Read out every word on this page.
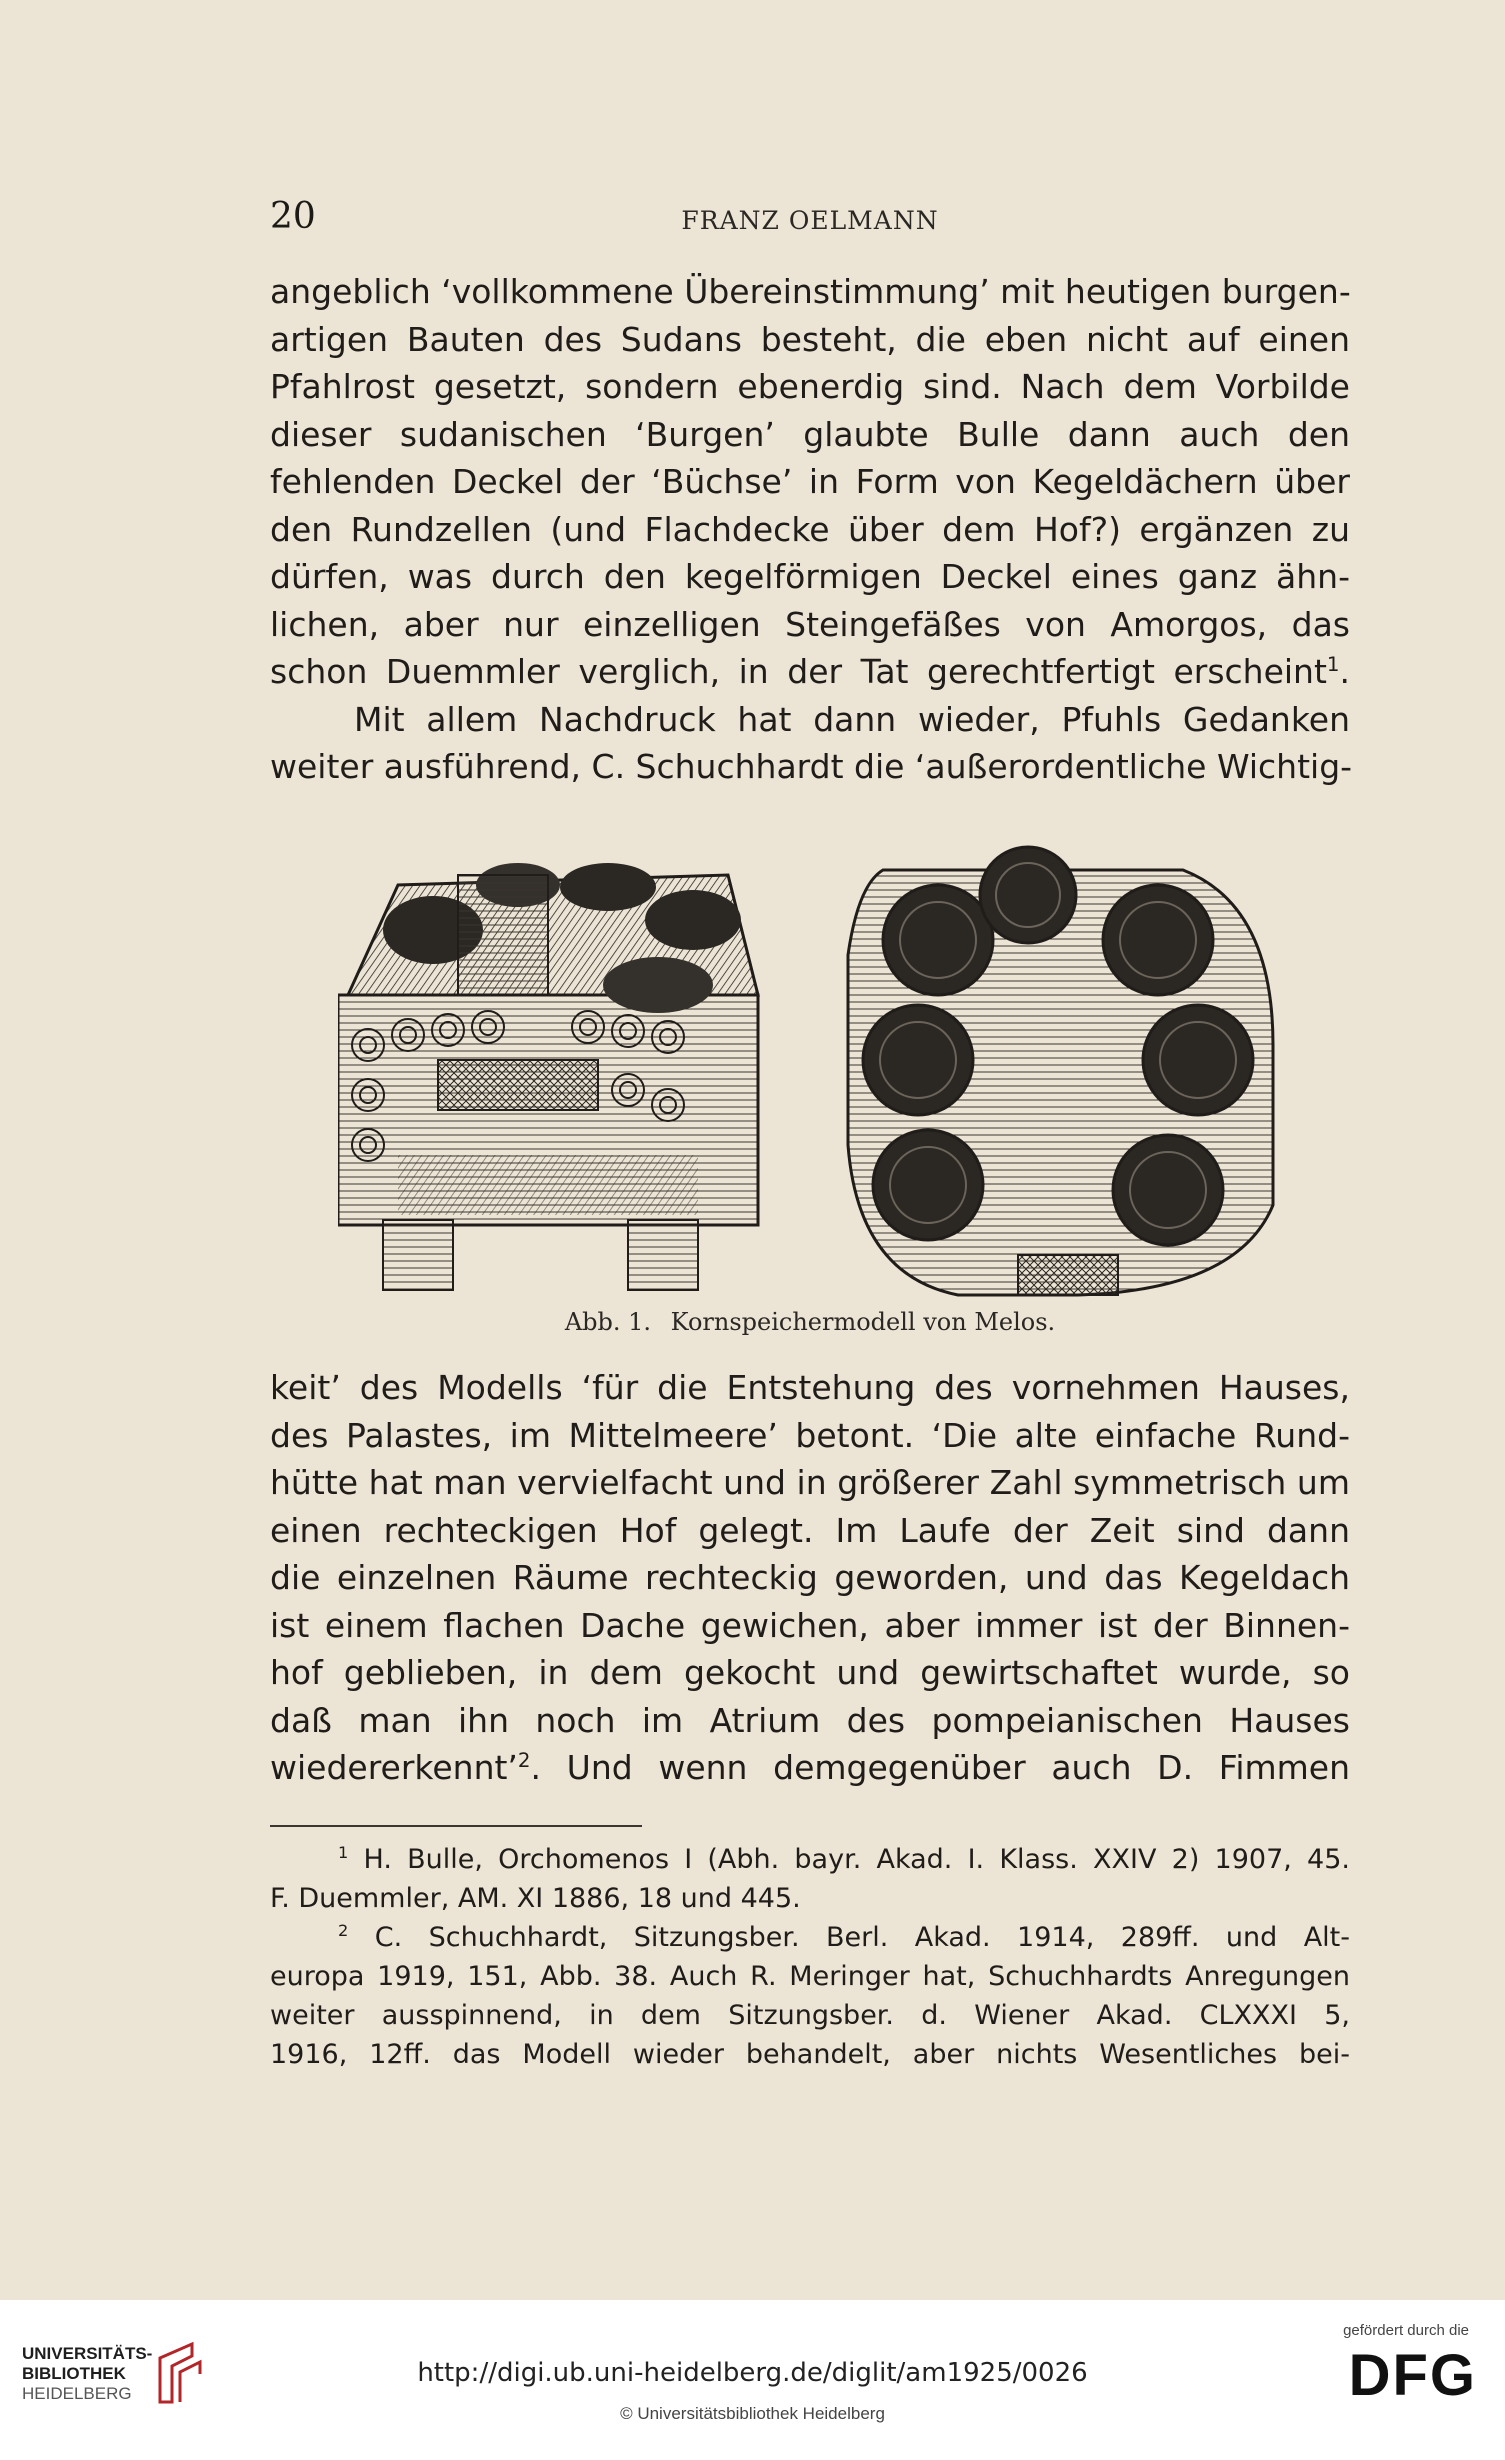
20	FRANZ OELMANN
angeblich ‘vollkommene Übereinstimmung’ mit heutigen burgen-
artigen Bauten des Sudans besteht, die eben nicht auf einen
Pfahlrost gesetzt, sondern ebenerdig sind. Nach dem Vorbilde
dieser sudanischen ‘Burgen’ glaubte Bulle dann auch den
fehlenden Deckel der ‘Büchse’ in Form von Kegeldächern über
den Rundzellen (und Flachdecke über dem Hof?) ergänzen zu
dürfen, was durch den kegelförmigen Deckel eines ganz ähn-
lichen, aber nur einzelligen Steingefäßes von Amorgos, das
schon Duemmler verglich, in der Tat gerechtfertigt erscheint$^1$.
Mit allem Nachdruck hat dann wieder, Pfuhls Gedanken
weiter ausführend, C. Schuchhardt die ‘außerordentliche Wichtig-
Abb. 1. Kornspeichermodell von Melos.
keit’ des Modells ‘für die Entstehung des vornehmen Hauses,
des Palastes, im Mittelmeere’ betont. ‘Die alte einfache Rund-
hütte hat man vervielfacht und in größerer Zahl symmetrisch um
einen rechteckigen Hof gelegt. Im Laufe der Zeit sind dann
die einzelnen Räume rechteckig geworden, und das Kegeldach
ist einem flachen Dache gewichen, aber immer ist der Binnen-
hof geblieben, in dem gekocht und gewirtschaftet wurde, so
daß man ihn noch im Atrium des pompeianischen Hauses
wiedererkennt’$^2$. Und wenn demgegenüber auch D. Fimmen
$^1$ H. Bulle, Orchomenos I (Abh. bayr. Akad. I. Klass. XXIV 2) 1907, 45.
F. Duemmler, AM. XI 1886, 18 und 445.
$^2$ C. Schuchhardt, Sitzungsber. Berl. Akad. 1914, 289ff. und Alt-
europa 1919, 151, Abb. 38. Auch R. Meringer hat, Schuchhardts Anregungen
weiter ausspinnend, in dem Sitzungsber. d. Wiener Akad. CLXXXI 5,
1916, 12ff. das Modell wieder behandelt, aber nichts Wesentliches bei-
UNIVERSITÄTS-
BIBLIOTHEK
HEIDELBERG
http://digi.ub.uni-heidelberg.de/diglit/am1925/0026
© Universitätsbibliothek Heidelberg
gefördert durch die
DFG
